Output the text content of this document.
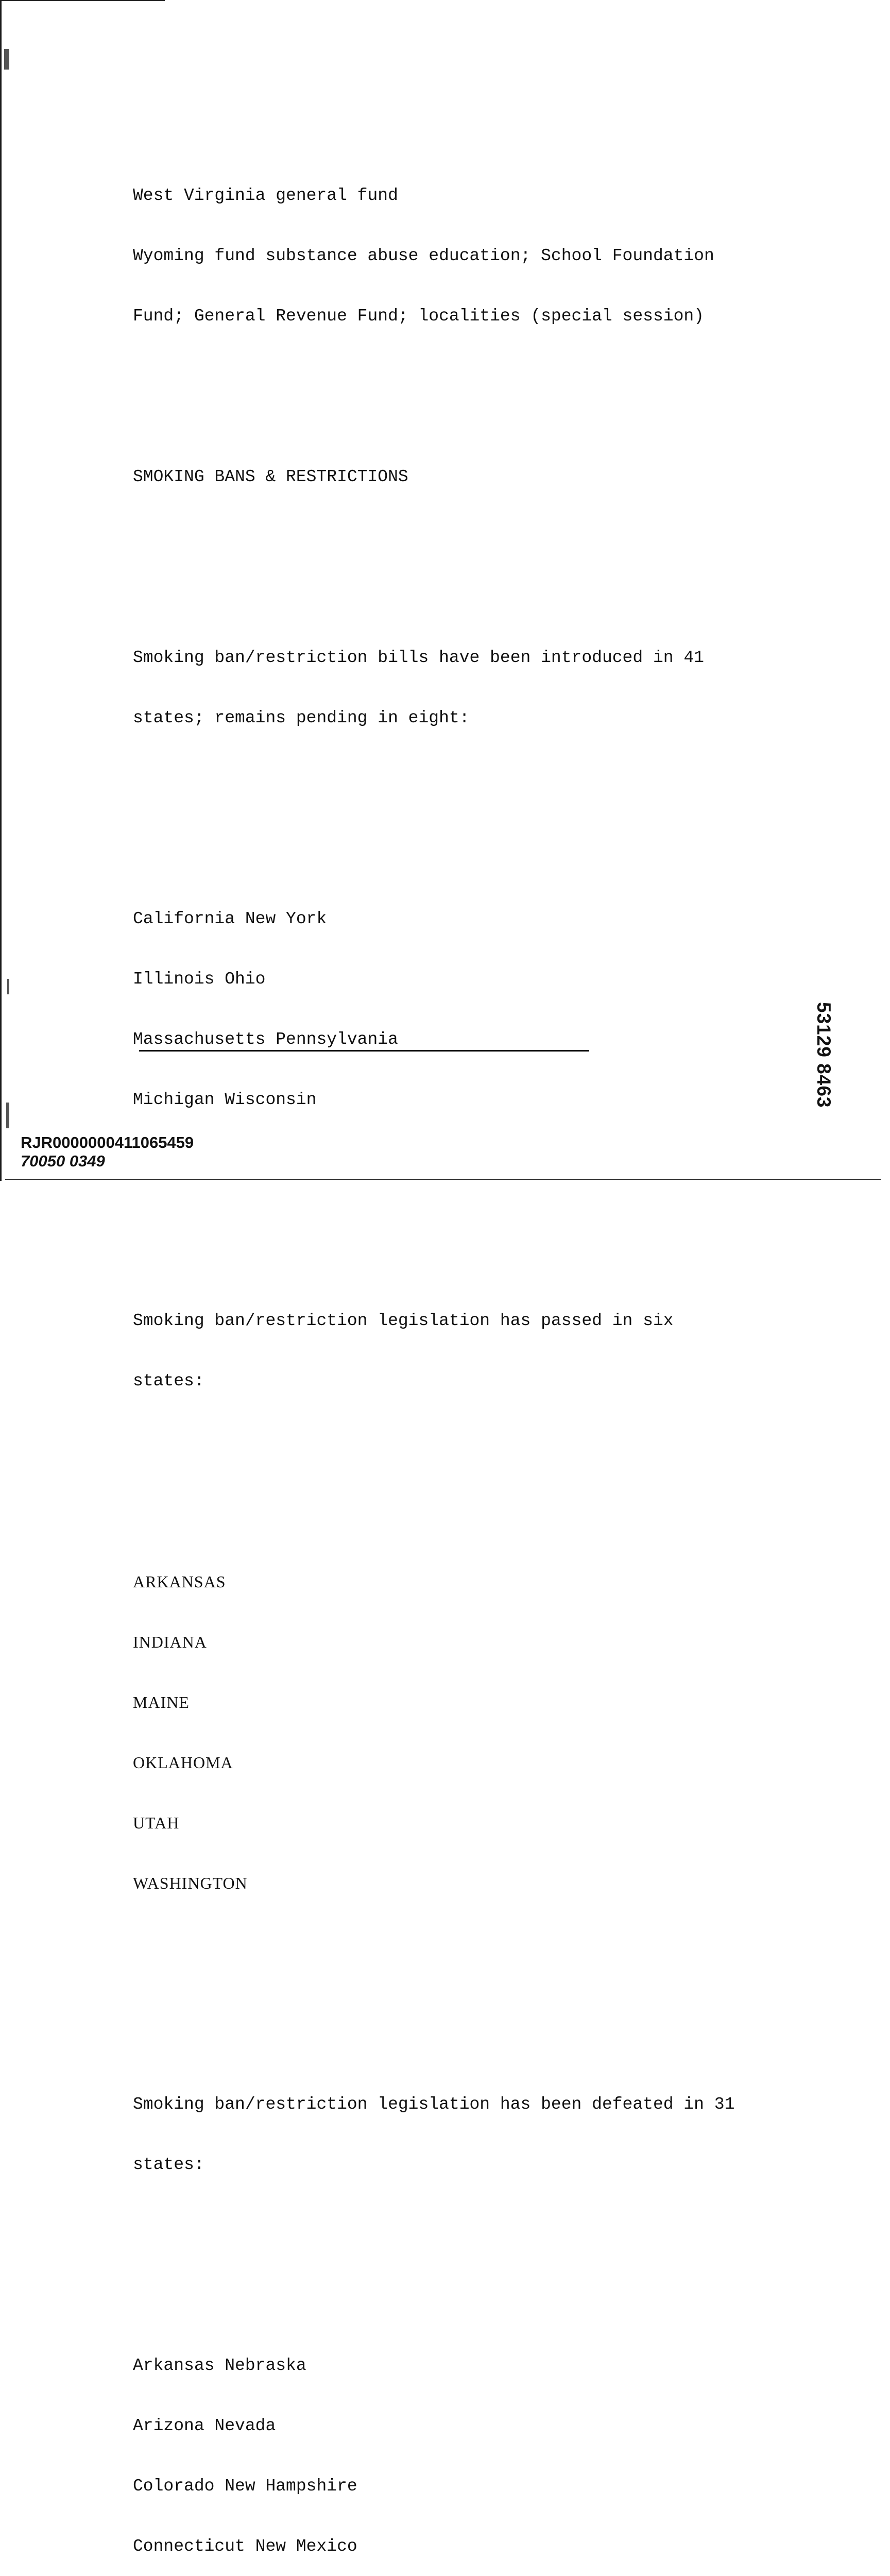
West Virginia general fund

Wyoming fund substance abuse education; School Foundation

Fund; General Revenue Fund; localities (special session)

SMOKING BANS & RESTRICTIONS

Smoking ban/restriction bills have been introduced in 41

states; remains pending in eight:

California New York

Illinois Ohio

Massachusetts Pennsylvania

Michigan Wisconsin

Smoking ban/restriction legislation has passed in six

states:

ARKANSAS

INDIANA

MAINE

OKLAHOMA

UTAH

WASHINGTON

Smoking ban/restriction legislation has been defeated in 31

states:

Arkansas Nebraska

Arizona Nevada

Colorado New Hampshire

Connecticut New Mexico

53129 8463
RJR0000000411065459
70050 0349
